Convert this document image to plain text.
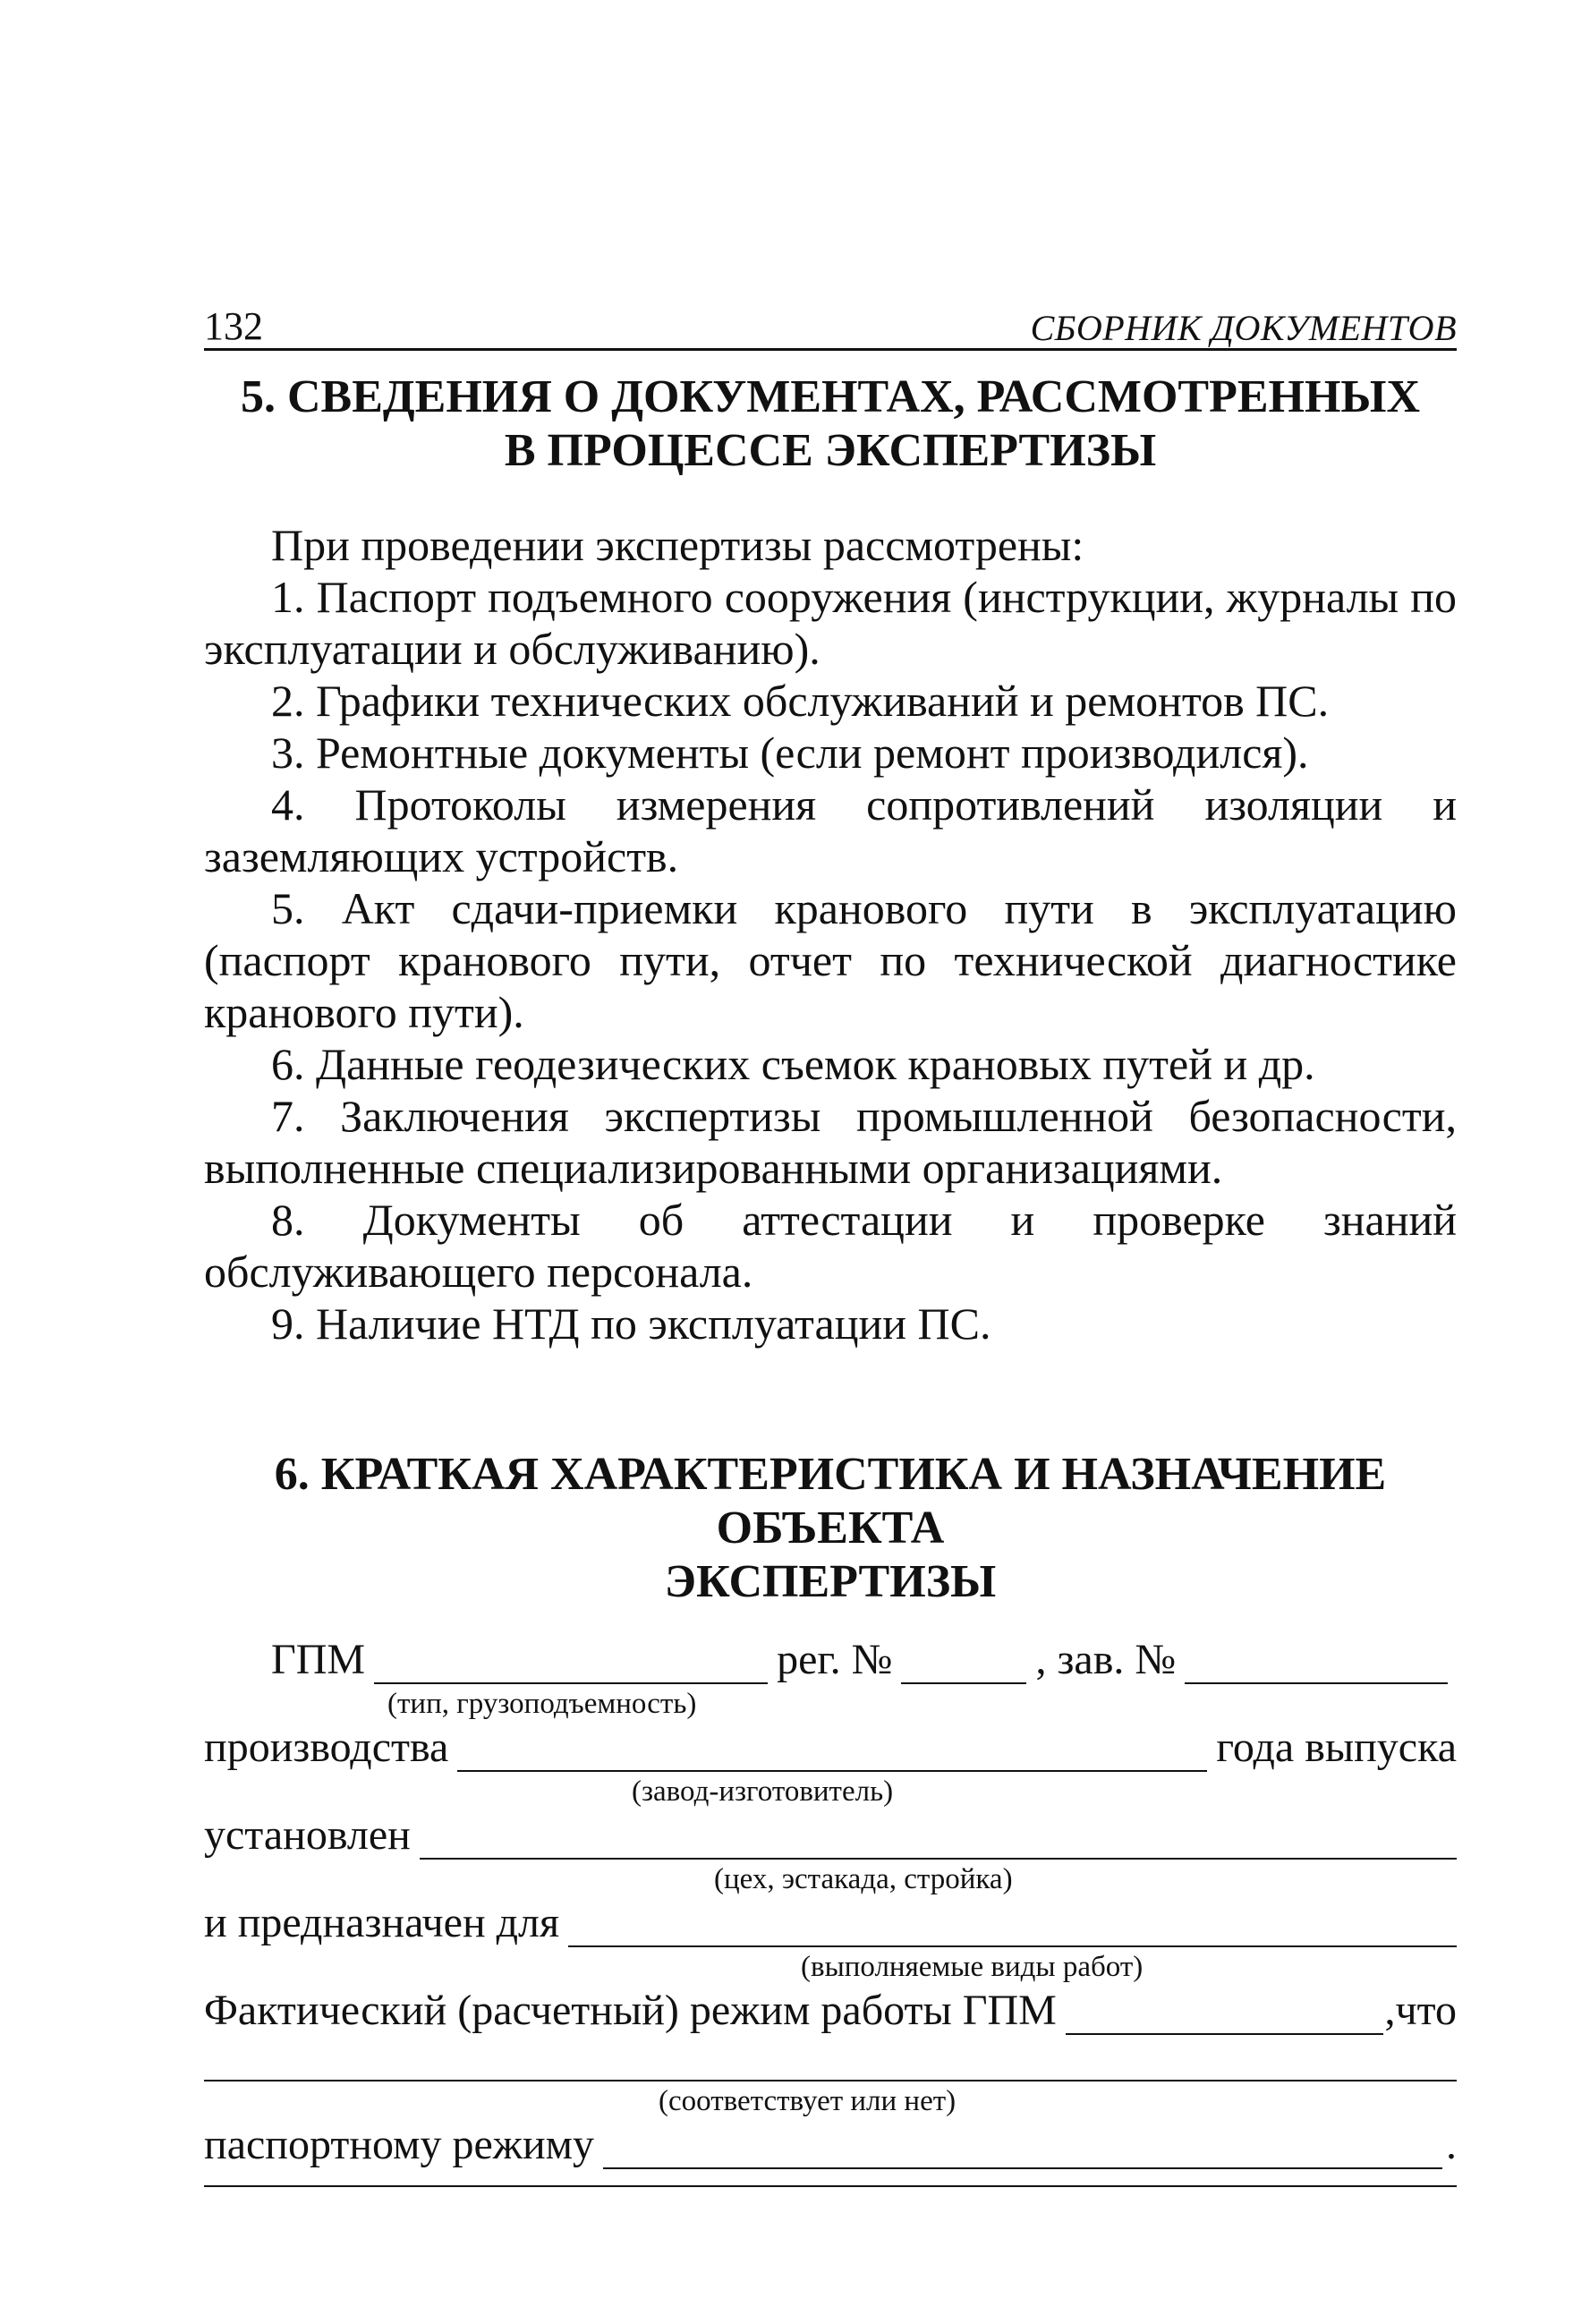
132	СБОРНИК ДОКУМЕНТОВ
5. СВЕДЕНИЯ О ДОКУМЕНТАХ, РАССМОТРЕННЫХ
В ПРОЦЕССЕ ЭКСПЕРТИЗЫ

При проведении экспертизы рассмотрены:

1. Паспорт подъемного сооружения (инструкции, журналы по эксплуатации и обслуживанию).

2. Графики технических обслуживаний и ремонтов ПС.

3. Ремонтные документы (если ремонт производился).

4. Протоколы измерения сопротивлений изоляции и заземляющих устройств.

5. Акт сдачи-приемки кранового пути в эксплуатацию (паспорт кранового пути, отчет по технической диагностике кранового пути).

6. Данные геодезических съемок крановых путей и др.

7. Заключения экспертизы промышленной безопасности, выполненные специализированными организациями.

8. Документы об аттестации и проверке знаний обслуживающего персонала.

9. Наличие НТД по эксплуатации ПС.

6. КРАТКАЯ ХАРАКТЕРИСТИКА И НАЗНАЧЕНИЕ ОБЪЕКТА
ЭКСПЕРТИЗЫ
ГПМ	рег. №	, зав. №
(тип, грузоподъемность)
производства	года выпуска
(завод-изготовитель)
установлен
(цех, эстакада, стройка)
и предназначен для
(выполняемые виды работ)
Фактический (расчетный) режим работы ГПМ	,что
(соответствует или нет)
паспортному режиму	.
